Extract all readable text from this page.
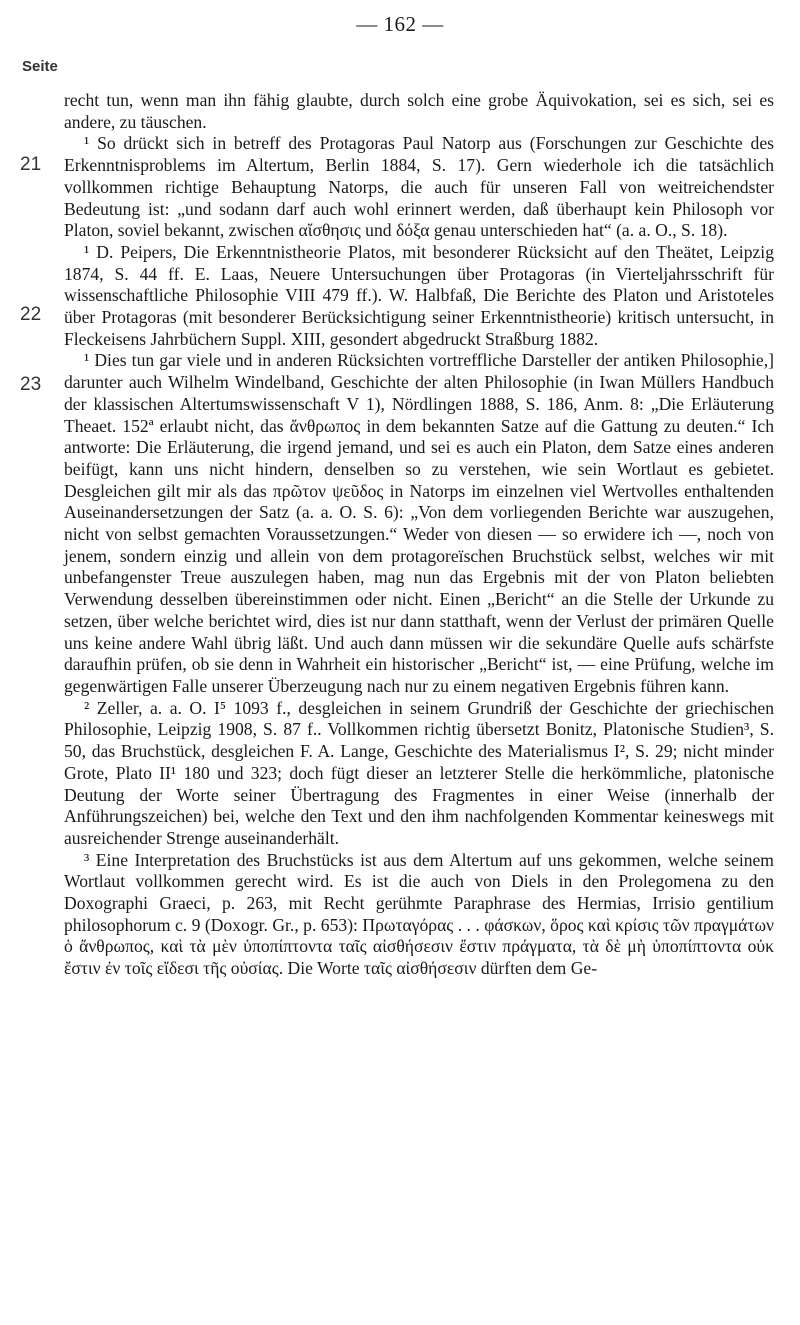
— 162 —
Seite
21
22
23

recht tun, wenn man ihn fähig glaubte, durch solch eine grobe Äquivokation, sei es sich, sei es andere, zu täuschen.

¹ So drückt sich in betreff des Protagoras Paul Natorp aus (Forschungen zur Geschichte des Erkenntnisproblems im Altertum, Berlin 1884, S. 17). Gern wiederhole ich die tatsächlich vollkommen richtige Behauptung Natorps, die auch für unseren Fall von weitreichendster Bedeutung ist: „und sodann darf auch wohl erinnert werden, daß überhaupt kein Philosoph vor Platon, soviel bekannt, zwischen αἴσθησις und δόξα genau unterschieden hat“ (a. a. O., S. 18).

¹ D. Peipers, Die Erkenntnistheorie Platos, mit besonderer Rücksicht auf den Theätet, Leipzig 1874, S. 44 ff. E. Laas, Neuere Untersuchungen über Protagoras (in Vierteljahrsschrift für wissenschaftliche Philosophie VIII 479 ff.). W. Halbfaß, Die Berichte des Platon und Aristoteles über Protagoras (mit besonderer Berücksichtigung seiner Erkenntnistheorie) kritisch untersucht, in Fleckeisens Jahrbüchern Suppl. XIII, gesondert abgedruckt Straßburg 1882.

¹ Dies tun gar viele und in anderen Rücksichten vortreffliche Darsteller der antiken Philosophie,] darunter auch Wilhelm Windelband, Geschichte der alten Philosophie (in Iwan Müllers Handbuch der klassischen Altertumswissenschaft V 1), Nördlingen 1888, S. 186, Anm. 8: „Die Erläuterung Theaet. 152ª erlaubt nicht, das ἄνθρωπος in dem bekannten Satze auf die Gattung zu deuten.“ Ich antworte: Die Erläuterung, die irgend jemand, und sei es auch ein Platon, dem Satze eines anderen beifügt, kann uns nicht hindern, denselben so zu verstehen, wie sein Wortlaut es gebietet. Desgleichen gilt mir als das πρῶτον ψεῦδος in Natorps im einzelnen viel Wertvolles enthaltenden Auseinandersetzungen der Satz (a. a. O. S. 6): „Von dem vorliegenden Berichte war auszugehen, nicht von selbst gemachten Voraussetzungen.“ Weder von diesen — so erwidere ich —, noch von jenem, sondern einzig und allein von dem protagoreïschen Bruchstück selbst, welches wir mit unbefangenster Treue auszulegen haben, mag nun das Ergebnis mit der von Platon beliebten Verwendung desselben übereinstimmen oder nicht. Einen „Bericht“ an die Stelle der Urkunde zu setzen, über welche berichtet wird, dies ist nur dann statthaft, wenn der Verlust der primären Quelle uns keine andere Wahl übrig läßt. Und auch dann müssen wir die sekundäre Quelle aufs schärfste daraufhin prüfen, ob sie denn in Wahrheit ein historischer „Bericht“ ist, — eine Prüfung, welche im gegenwärtigen Falle unserer Überzeugung nach nur zu einem negativen Ergebnis führen kann.

² Zeller, a. a. O. I⁵ 1093 f., desgleichen in seinem Grundriß der Geschichte der griechischen Philosophie, Leipzig 1908, S. 87 f.. Vollkommen richtig übersetzt Bonitz, Platonische Studien³, S. 50, das Bruchstück, desgleichen F. A. Lange, Geschichte des Materialismus I², S. 29; nicht minder Grote, Plato II¹ 180 und 323; doch fügt dieser an letzterer Stelle die herkömmliche, platonische Deutung der Worte seiner Übertragung des Fragmentes in einer Weise (innerhalb der Anführungszeichen) bei, welche den Text und den ihm nachfolgenden Kommentar keineswegs mit ausreichender Strenge auseinanderhält.

³ Eine Interpretation des Bruchstücks ist aus dem Altertum auf uns gekommen, welche seinem Wortlaut vollkommen gerecht wird. Es ist die auch von Diels in den Prolegomena zu den Doxographi Graeci, p. 263, mit Recht gerühmte Paraphrase des Hermias, Irrisio gentilium philosophorum c. 9 (Doxogr. Gr., p. 653): Πρωταγόρας . . . φάσκων, ὅρος καὶ κρίσις τῶν πραγμάτων ὁ ἄνθρωπος, καὶ τὰ μὲν ὑποπίπτοντα ταῖς αἰσθήσεσιν ἔστιν πράγματα, τὰ δὲ μὴ ὑποπίπτοντα οὐκ ἔστιν ἐν τοῖς εἴδεσι τῆς οὐσίας. Die Worte ταῖς αἰσθήσεσιν dürften dem Ge-
